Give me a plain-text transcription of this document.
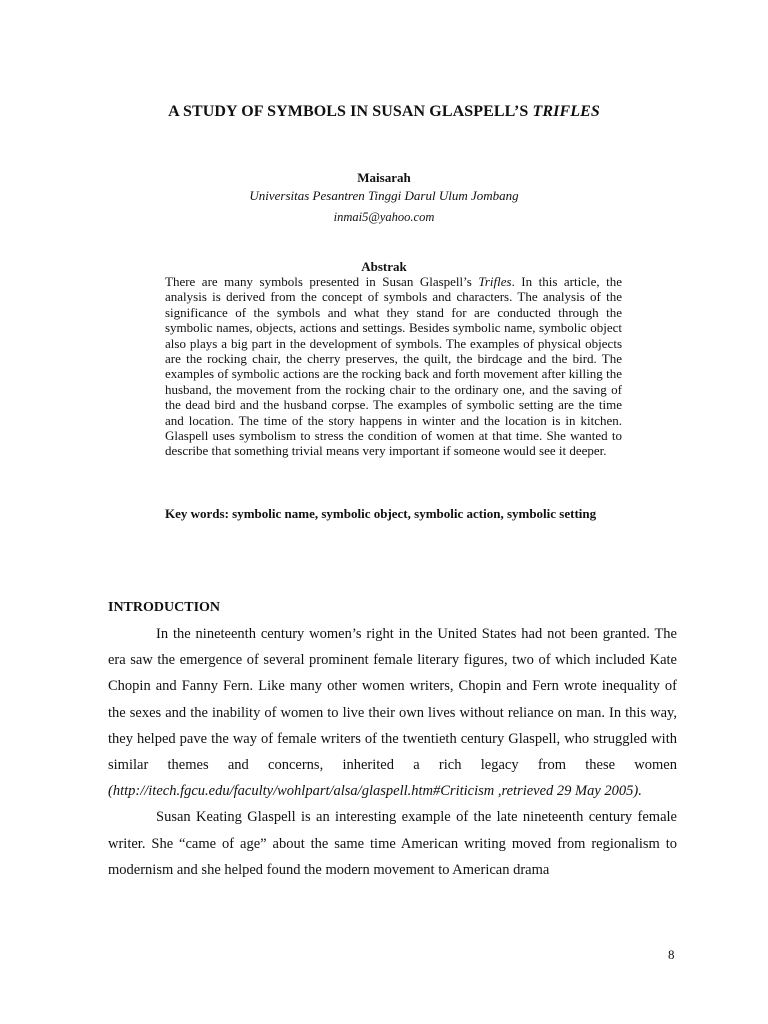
A STUDY OF SYMBOLS IN SUSAN GLASPELL’S TRIFLES
Maisarah
Universitas Pesantren Tinggi Darul Ulum Jombang
inmai5@yahoo.com
Abstrak

There are many symbols presented in Susan Glaspell’s Trifles. In this article, the analysis is derived from the concept of symbols and characters. The analysis of the significance of the symbols and what they stand for are conducted through the symbolic names, objects, actions and settings. Besides symbolic name, symbolic object also plays a big part in the development of symbols. The examples of physical objects are the rocking chair, the cherry preserves, the quilt, the birdcage and the bird. The examples of symbolic actions are the rocking back and forth movement after killing the husband, the movement from the rocking chair to the ordinary one, and the saving of the dead bird and the husband corpse. The examples of symbolic setting are the time and location. The time of the story happens in winter and the location is in kitchen. Glaspell uses symbolism to stress the condition of women at that time. She wanted to describe that something trivial means very important if someone would see it deeper.

Key words: symbolic name, symbolic object, symbolic action, symbolic setting

INTRODUCTION

In the nineteenth century women’s right in the United States had not been granted. The era saw the emergence of several prominent female literary figures, two of which included Kate Chopin and Fanny Fern. Like many other women writers, Chopin and Fern wrote inequality of the sexes and the inability of women to live their own lives without reliance on man. In this way, they helped pave the way of female writers of the twentieth century Glaspell, who struggled with similar themes and concerns, inherited a rich legacy from these women (http://itech.fgcu.edu/faculty/wohlpart/alsa/glaspell.htm#Criticism ,retrieved 29 May 2005).

Susan Keating Glaspell is an interesting example of the late nineteenth century female writer. She “came of age” about the same time American writing moved from regionalism to modernism and she helped found the modern movement to American drama

8
